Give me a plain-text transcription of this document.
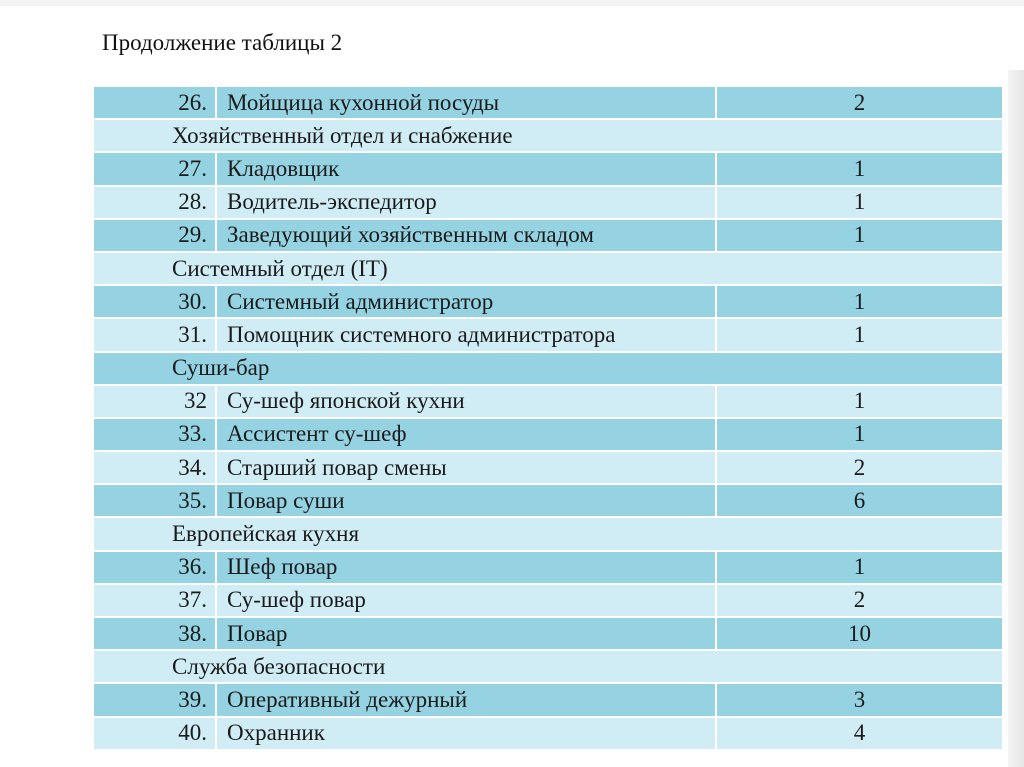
Продолжение таблицы 2
26.	Мойщица кухонной посуды	2
Хозяйственный отдел и снабжение		
27.	Кладовщик	1
28.	Водитель-экспедитор	1
29.	Заведующий хозяйственным складом	1
Системный отдел (IT)		
30.	Системный администратор	1
31.	Помощник системного администратора	1
Суши-бар		
32	Су-шеф японской кухни	1
33.	Ассистент су-шеф	1
34.	Старший повар смены	2
35.	Повар суши	6
Европейская кухня		
36.	Шеф повар	1
37.	Су-шеф повар	2
38.	Повар	10
Служба безопасности		
39.	Оперативный дежурный	3
40.	Охранник	4
